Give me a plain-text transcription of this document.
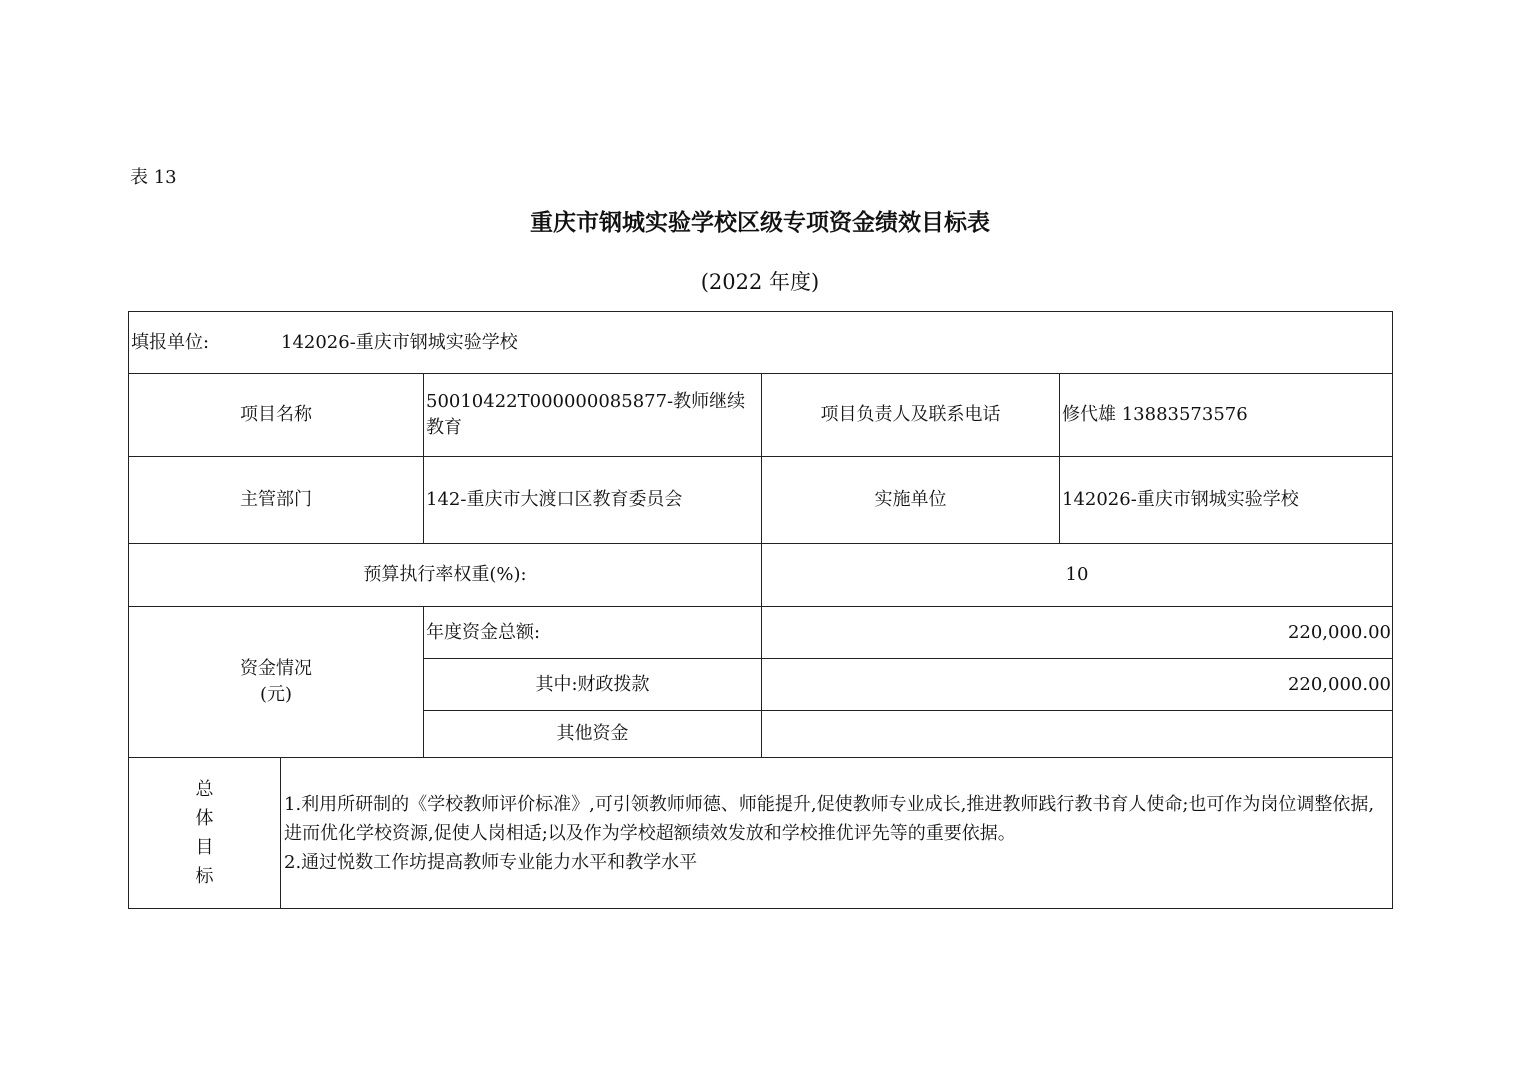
表 13
重庆市钢城实验学校区级专项资金绩效目标表
(2022 年度)
填报单位: 142026-重庆市钢城实验学校				
项目名称		50010422T000000085877-教师继续教育	项目负责人及联系电话	修代雄 13883573576
主管部门		142-重庆市大渡口区教育委员会	实施单位	142026-重庆市钢城实验学校
预算执行率权重(%):			10	

资金情况
(元)		年度资金总额:	220,000.00	
		其中:财政拨款	220,000.00	
		其他资金		

总
体
目
标	1.利用所研制的《学校教师评价标准》,可引领教师师德、师能提升,促使教师专业成长,推进教师践行教书育人使命;也可作为岗位调整依据,进而优化学校资源,促使人岗相适;以及作为学校超额绩效发放和学校推优评先等的重要依据。
2.通过悦数工作坊提高教师专业能力水平和教学水平			
